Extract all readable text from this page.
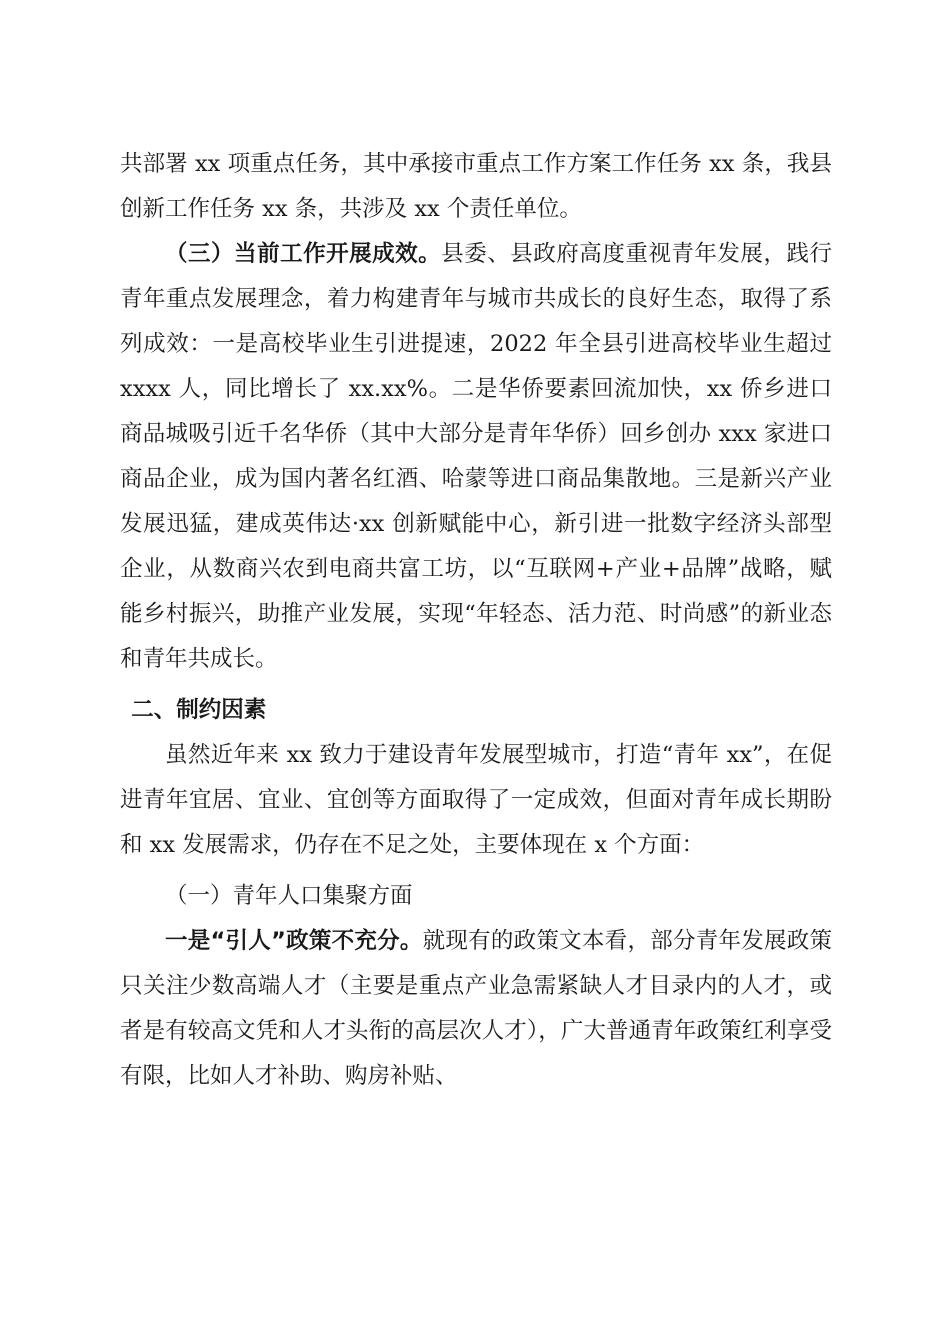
共部署 xx 项重点任务，其中承接市重点工作方案工作任务 xx 条，我县创新工作任务 xx 条，共涉及 xx 个责任单位。

（三）当前工作开展成效。县委、县政府高度重视青年发展，践行青年重点发展理念，着力构建青年与城市共成长的良好生态，取得了系列成效：一是高校毕业生引进提速，2022 年全县引进高校毕业生超过 xxxx 人，同比增长了 xx.xx%。二是华侨要素回流加快，xx 侨乡进口商品城吸引近千名华侨（其中大部分是青年华侨）回乡创办 xxx 家进口商品企业，成为国内著名红酒、哈蒙等进口商品集散地。三是新兴产业发展迅猛，建成英伟达·xx 创新赋能中心，新引进一批数字经济头部型企业，从数商兴农到电商共富工坊，以“互联网+产业+品牌”战略，赋能乡村振兴，助推产业发展，实现“年轻态、活力范、时尚感”的新业态和青年共成长。

二、制约因素

虽然近年来 xx 致力于建设青年发展型城市，打造“青年 xx”，在促进青年宜居、宜业、宜创等方面取得了一定成效，但面对青年成长期盼和 xx 发展需求，仍存在不足之处，主要体现在 x 个方面：

（一）青年人口集聚方面

一是“引人”政策不充分。就现有的政策文本看，部分青年发展政策只关注少数高端人才（主要是重点产业急需紧缺人才目录内的人才，或者是有较高文凭和人才头衔的高层次人才），广大普通青年政策红利享受有限，比如人才补助、购房补贴、
